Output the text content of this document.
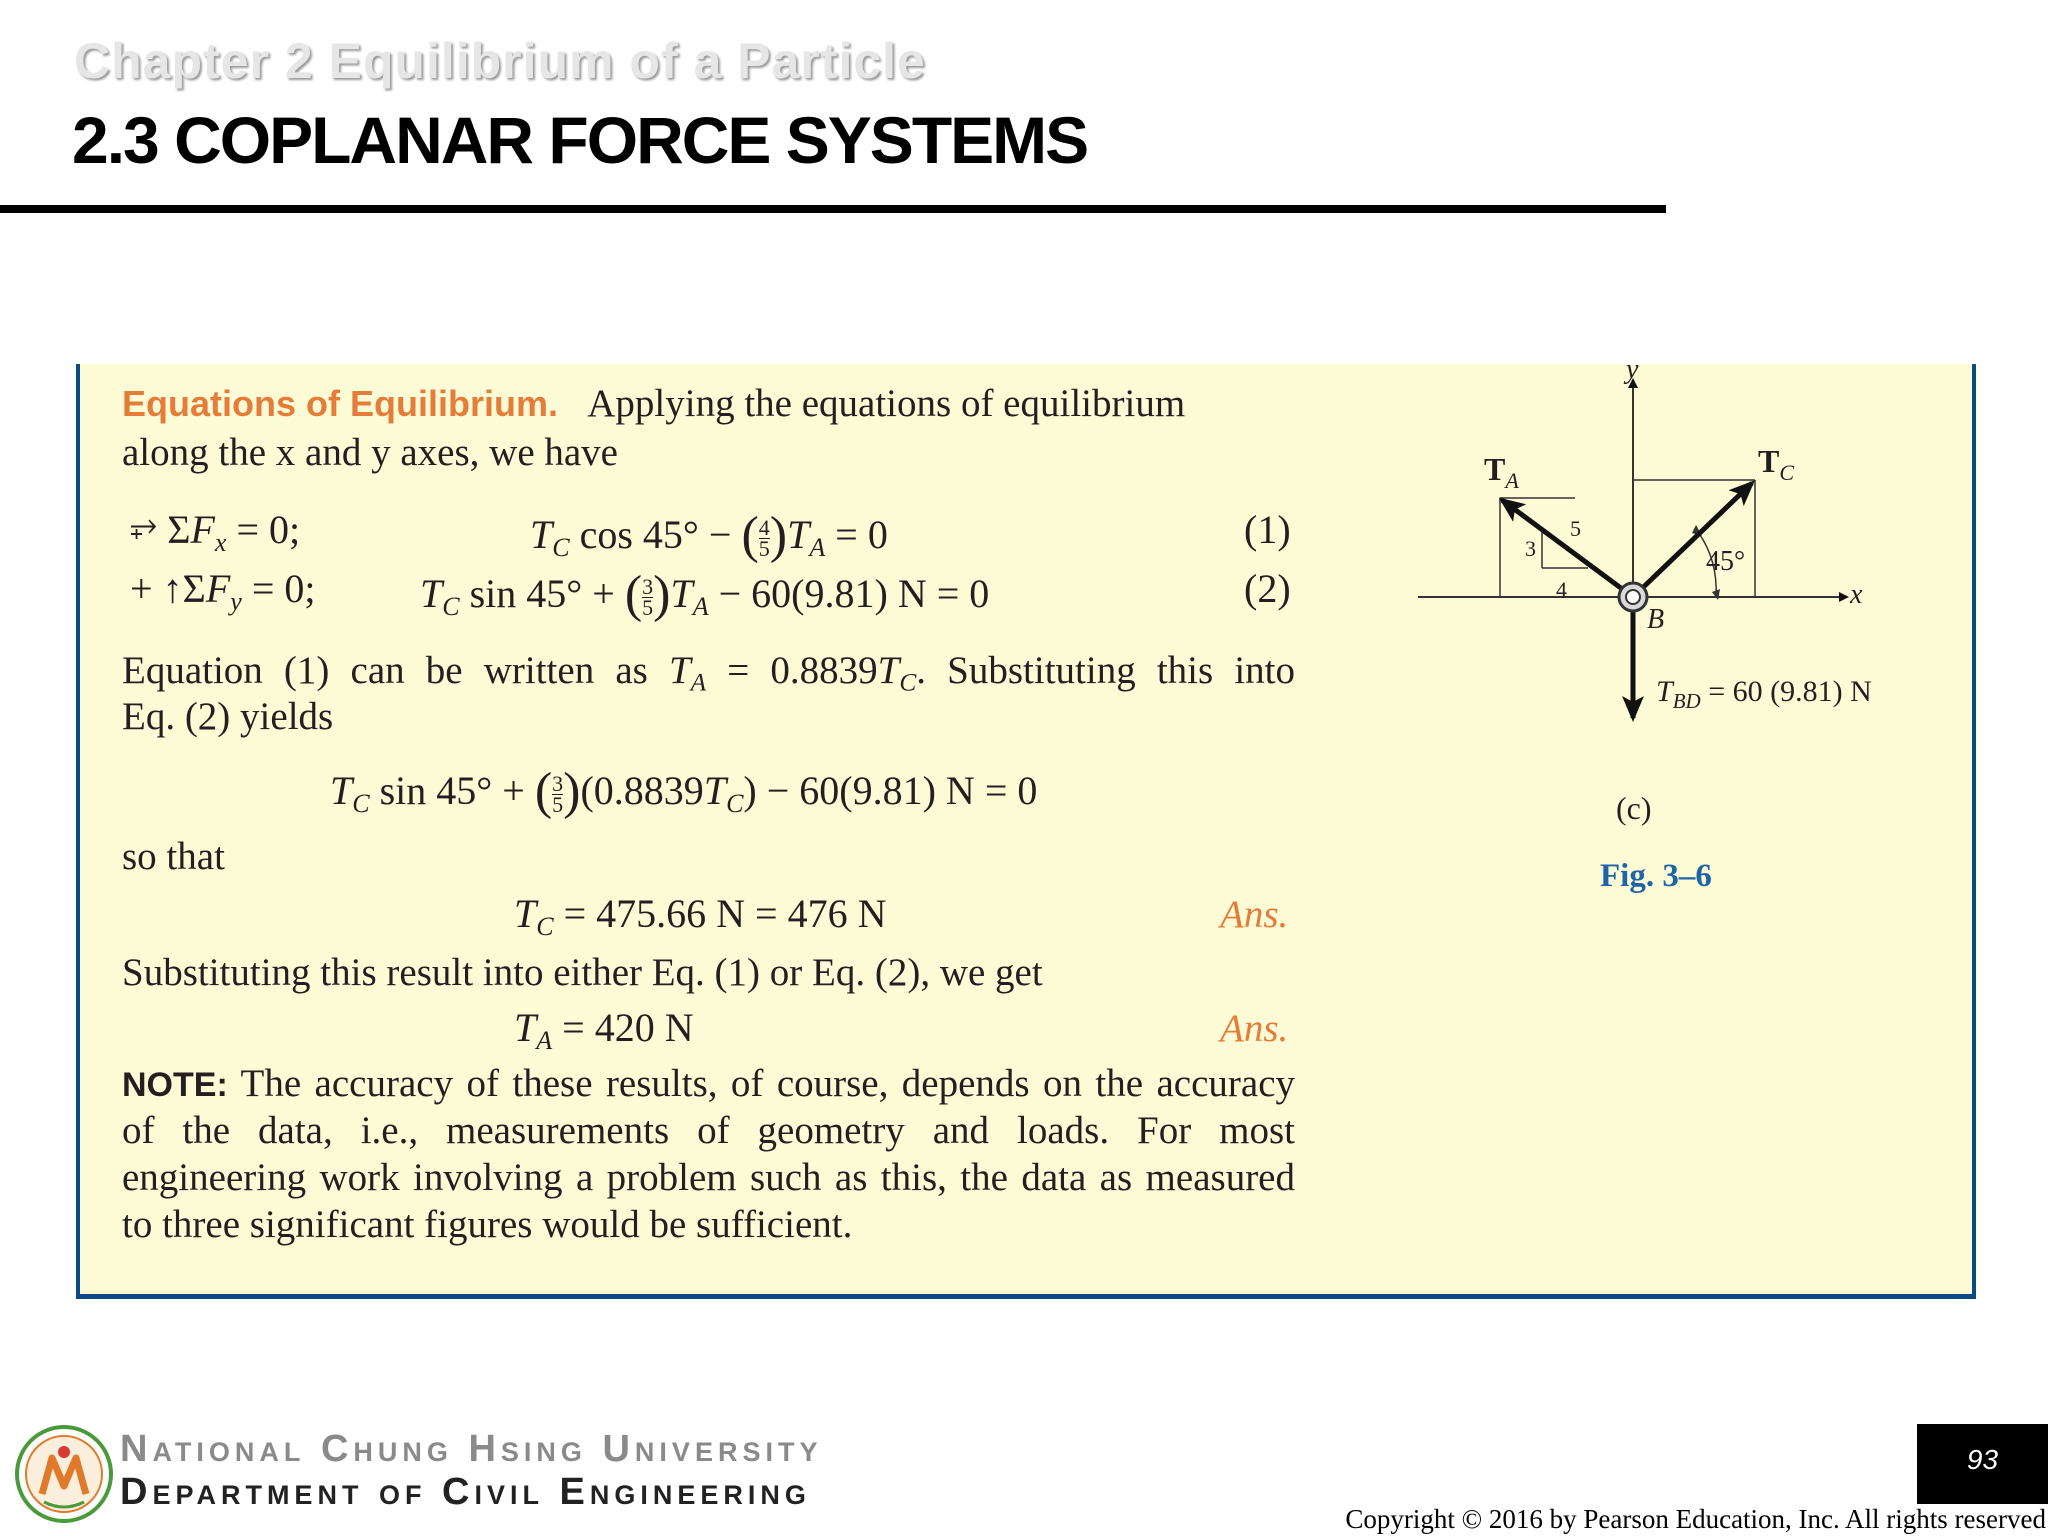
Chapter 2 Equilibrium of a Particle
2.3 COPLANAR FORCE SYSTEMS
Equations of Equilibrium. Applying the equations of equilibrium
along the x and y axes, we have
⥅ $\Sigma F_x = 0$;	$T_C$ cos 45° − ( $\frac{4}{5} )T_A = 0$	(1)
+ $↑\Sigma F_y = 0$;	$T_C$ sin 45° + ( $\frac{3}{5} )T_A - 60(9.81)$ N = 0	(2)
Equation (1) can be written as $T_A = 0.8839T_C$. Substituting this into
Eq. (2) yields
$T_C$ sin 45° + ( $\frac{3}{5} )(0.8839T_C) - 60(9.81)$ N = 0
so that
$T_C = 475.66$ N = 476 N	Ans.
Substituting this result into either Eq. (1) or Eq. (2), we get
$T_A = 420$ N	Ans.
NOTE: The accuracy of these results, of course, depends on the accuracy
of the data, i.e., measurements of geometry and loads. For most
engineering work involving a problem such as this, the data as measured
to three significant figures would be sufficient.
y
x
$T_A$
$T_C$
B
3
4
5
45°
$T_{BD} = 60$ (9.81) N
(c)
Fig. 3–6
National Chung Hsing University
Department of Civil Engineering
93
Copyright © 2016 by Pearson Education, Inc. All rights reserved
